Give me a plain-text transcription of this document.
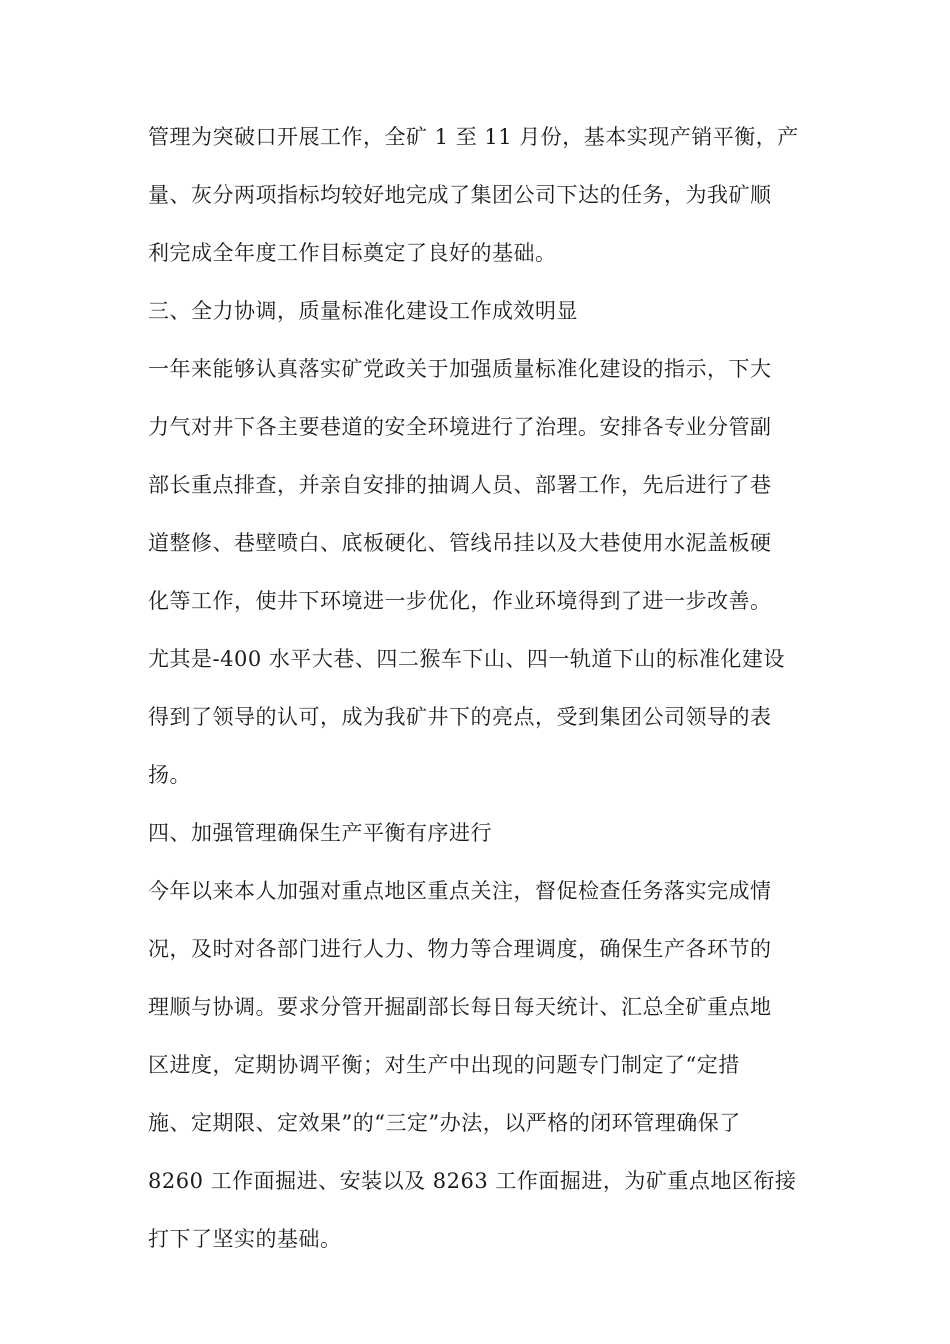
管理为突破口开展工作，全矿 1 至 11 月份，基本实现产销平衡，产
量、灰分两项指标均较好地完成了集团公司下达的任务，为我矿顺
利完成全年度工作目标奠定了良好的基础。
三、全力协调，质量标准化建设工作成效明显
一年来能够认真落实矿党政关于加强质量标准化建设的指示，下大
力气对井下各主要巷道的安全环境进行了治理。安排各专业分管副
部长重点排查，并亲自安排的抽调人员、部署工作，先后进行了巷
道整修、巷壁喷白、底板硬化、管线吊挂以及大巷使用水泥盖板硬
化等工作，使井下环境进一步优化，作业环境得到了进一步改善。
尤其是-400 水平大巷、四二猴车下山、四一轨道下山的标准化建设
得到了领导的认可，成为我矿井下的亮点，受到集团公司领导的表
扬。
四、加强管理确保生产平衡有序进行
今年以来本人加强对重点地区重点关注，督促检查任务落实完成情
况，及时对各部门进行人力、物力等合理调度，确保生产各环节的
理顺与协调。要求分管开掘副部长每日每天统计、汇总全矿重点地
区进度，定期协调平衡；对生产中出现的问题专门制定了“定措
施、定期限、定效果”的“三定”办法，以严格的闭环管理确保了
8260 工作面掘进、安装以及 8263 工作面掘进，为矿重点地区衔接
打下了坚实的基础。
